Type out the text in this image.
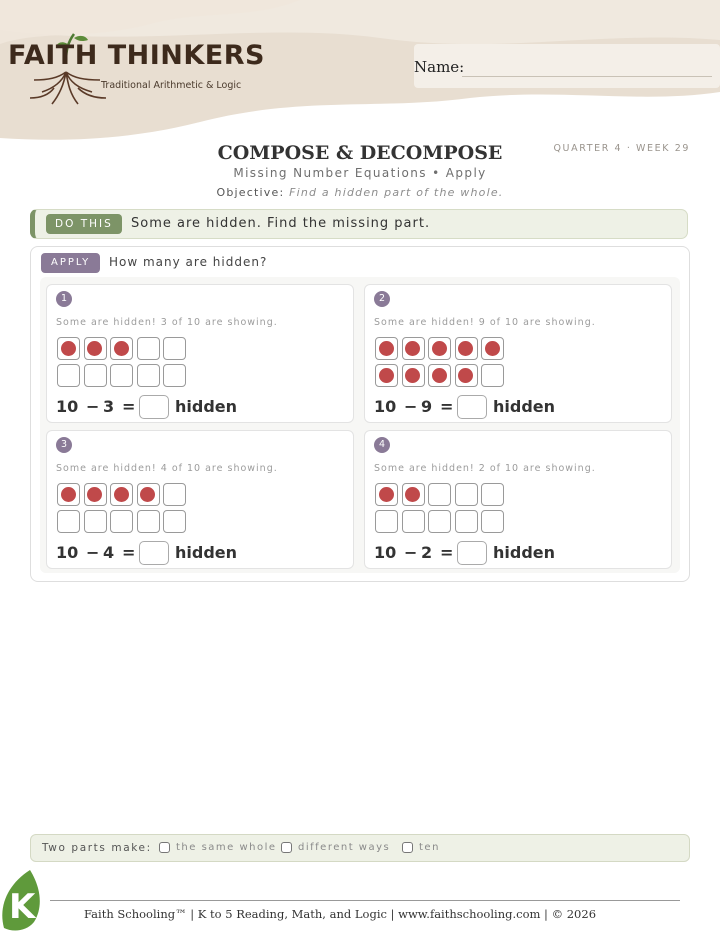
FAITH THINKERS
Traditional Arithmetic & Logic
Name:
QUARTER 4 · WEEK 29
COMPOSE & DECOMPOSE
Missing Number Equations • Apply
Objective: Find a hidden part of the whole.
DO THIS	Some are hidden. Find the missing part.
APPLY	How many are hidden?
1
Some are hidden! 3 of 10 are showing.
10 − 3 = hidden
2
Some are hidden! 9 of 10 are showing.
10 − 9 = hidden
3
Some are hidden! 4 of 10 are showing.
10 − 4 = hidden
4
Some are hidden! 2 of 10 are showing.
10 − 2 = hidden
Two parts make: the same whole different ways	ten
K	Faith Schooling™ | K to 5 Reading, Math, and Logic | www.faithschooling.com | © 2026
